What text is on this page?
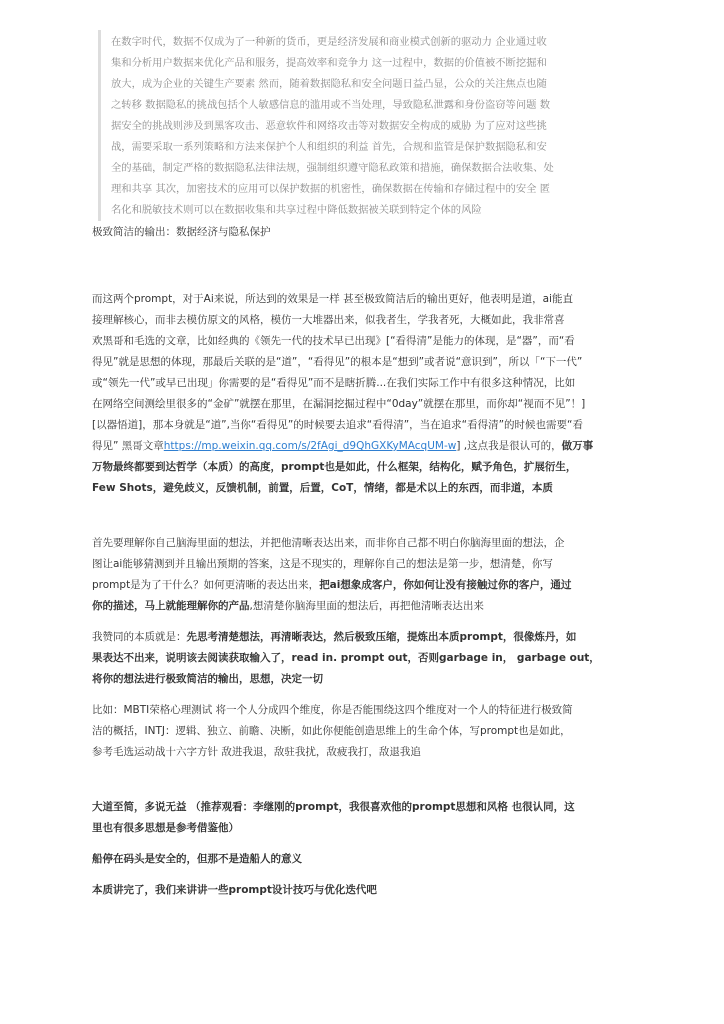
在数字时代，数据不仅成为了一种新的货币，更是经济发展和商业模式创新的驱动力 企业通过收
集和分析用户数据来优化产品和服务，提高效率和竞争力 这一过程中，数据的价值被不断挖掘和
放大，成为企业的关键生产要素 然而，随着数据隐私和安全问题日益凸显，公众的关注焦点也随
之转移 数据隐私的挑战包括个人敏感信息的滥用或不当处理，导致隐私泄露和身份盗窃等问题 数
据安全的挑战则涉及到黑客攻击、恶意软件和网络攻击等对数据安全构成的威胁 为了应对这些挑
战，需要采取一系列策略和方法来保护个人和组织的利益 首先，合规和监管是保护数据隐私和安
全的基础，制定严格的数据隐私法律法规，强制组织遵守隐私政策和措施，确保数据合法收集、处
理和共享 其次，加密技术的应用可以保护数据的机密性，确保数据在传输和存储过程中的安全 匿
名化和脱敏技术则可以在数据收集和共享过程中降低数据被关联到特定个体的风险
极致简洁的输出：数据经济与隐私保护

而这两个prompt，对于Ai来说，所达到的效果是一样 甚至极致简洁后的输出更好，他表明是道，ai能直
接理解核心，而非去模仿原文的风格，模仿一大堆器出来，似我者生，学我者死，大概如此，我非常喜
欢黑哥和毛选的文章，比如经典的《领先一代的技术早已出现》[“看得清”是能力的体现，是“器”，而“看
得见”就是思想的体现，那最后关联的是“道”，“看得见”的根本是“想到”或者说“意识到”，所以「“下一代”
或“领先一代”或早已出现」你需要的是“看得见”而不是瞎折腾...在我们实际工作中有很多这种情况，比如
在网络空间测绘里很多的“金矿”就摆在那里，在漏洞挖掘过程中“0day”就摆在那里，而你却“视而不见”！]
[以器悟道]，那本身就是“道”,当你“看得见”的时候要去追求“看得清”，当在追求“看得清”的时候也需要“看
得见” 黑哥文章https://mp.weixin.qq.com/s/2fAgi_d9QhGXKyMAcqUM-w] ,这点我是很认可的，做万事
万物最终都要到达哲学（本质）的高度，prompt也是如此，什么框架，结构化，赋予角色，扩展衍生，
Few Shots，避免歧义，反馈机制，前置，后置，CoT，情绪，都是术以上的东西，而非道，本质

首先要理解你自己脑海里面的想法，并把他清晰表达出来，而非你自己都不明白你脑海里面的想法，企
图让ai能够猜测到并且输出预期的答案，这是不现实的，理解你自己的想法是第一步，想清楚，你写
prompt是为了干什么？如何更清晰的表达出来，把ai想象成客户，你如何让没有接触过你的客户，通过
你的描述，马上就能理解你的产品,想清楚你脑海里面的想法后，再把他清晰表达出来

我赞同的本质就是：先思考清楚想法，再清晰表达，然后极致压缩，提炼出本质prompt，很像炼丹，如
果表达不出来，说明该去阅读获取输入了，read in. prompt out，否则garbage in， garbage out，
将你的想法进行极致简洁的输出，思想，决定一切

比如：MBTI荣格心理测试 将一个人分成四个维度，你是否能围绕这四个维度对一个人的特征进行极致简
洁的概括，INTJ：逻辑、独立、前瞻、决断，如此你便能创造思维上的生命个体，写prompt也是如此，
参考毛选运动战十六字方针 敌进我退，敌驻我扰，敌疲我打，敌退我追

大道至简，多说无益 （推荐观看：李继刚的prompt，我很喜欢他的prompt思想和风格 也很认同，这
里也有很多思想是参考借鉴他）

船停在码头是安全的，但那不是造船人的意义

本质讲完了，我们来讲讲一些prompt设计技巧与优化迭代吧
